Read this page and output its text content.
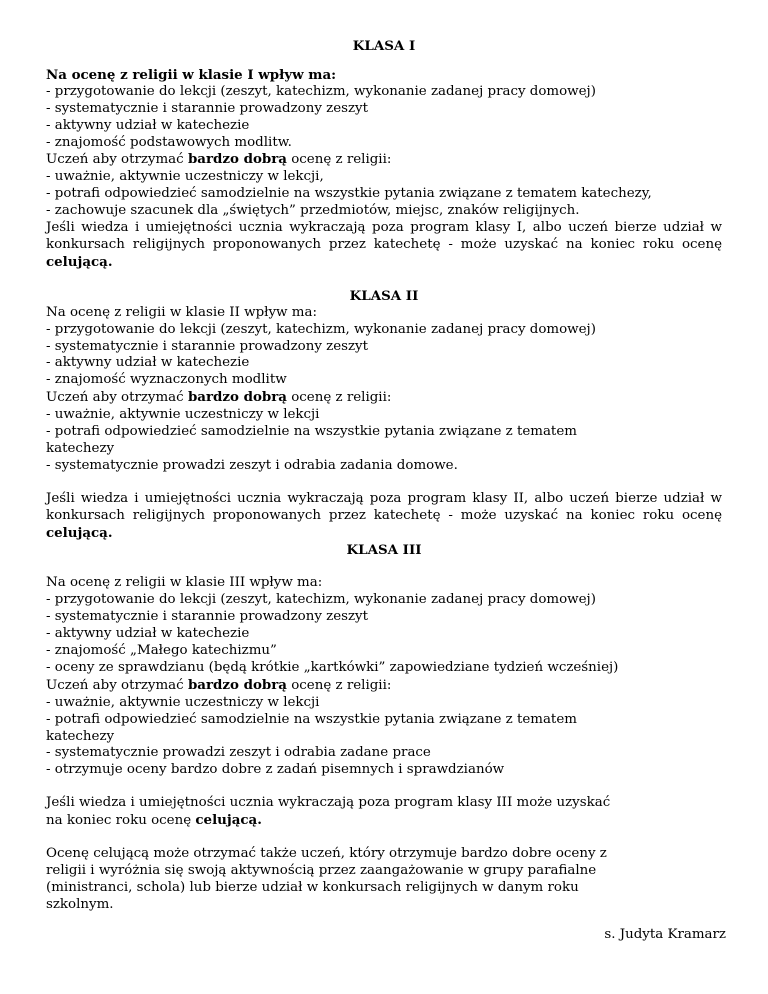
KLASA I
Na ocenę z religii w klasie I wpływ ma:
- przygotowanie do lekcji (zeszyt, katechizm, wykonanie zadanej pracy domowej)
- systematycznie i starannie prowadzony zeszyt
- aktywny udział w katechezie
- znajomość podstawowych modlitw.
Uczeń aby otrzymać bardzo dobrą ocenę z religii:
- uważnie, aktywnie uczestniczy w lekcji,
- potrafi odpowiedzieć samodzielnie na wszystkie pytania związane z tematem katechezy,
- zachowuje szacunek dla „świętych” przedmiotów, miejsc, znaków religijnych.
Jeśli wiedza i umiejętności ucznia wykraczają poza program klasy I, albo uczeń bierze udział w konkursach religijnych proponowanych przez katechetę - może uzyskać na koniec roku ocenę celującą.
KLASA II
Na ocenę z religii w klasie II wpływ ma:
- przygotowanie do lekcji (zeszyt, katechizm, wykonanie zadanej pracy domowej)
- systematycznie i starannie prowadzony zeszyt
- aktywny udział w katechezie
- znajomość wyznaczonych modlitw
Uczeń aby otrzymać bardzo dobrą ocenę z religii:
- uważnie, aktywnie uczestniczy w lekcji
- potrafi odpowiedzieć samodzielnie na wszystkie pytania związane z tematem
katechezy
- systematycznie prowadzi zeszyt i odrabia zadania domowe.
Jeśli wiedza i umiejętności ucznia wykraczają poza program klasy II, albo uczeń bierze udział w konkursach religijnych proponowanych przez katechetę - może uzyskać na koniec roku ocenę celującą.
KLASA III
Na ocenę z religii w klasie III wpływ ma:
- przygotowanie do lekcji (zeszyt, katechizm, wykonanie zadanej pracy domowej)
- systematycznie i starannie prowadzony zeszyt
- aktywny udział w katechezie
- znajomość „Małego katechizmu”
- oceny ze sprawdzianu (będą krótkie „kartkówki” zapowiedziane tydzień wcześniej)
Uczeń aby otrzymać bardzo dobrą ocenę z religii:
- uważnie, aktywnie uczestniczy w lekcji
- potrafi odpowiedzieć samodzielnie na wszystkie pytania związane z tematem
katechezy
- systematycznie prowadzi zeszyt i odrabia zadane prace
- otrzymuje oceny bardzo dobre z zadań pisemnych i sprawdzianów
Jeśli wiedza i umiejętności ucznia wykraczają poza program klasy III może uzyskać
na koniec roku ocenę celującą.
Ocenę celującą może otrzymać także uczeń, który otrzymuje bardzo dobre oceny z
religii i wyróżnia się swoją aktywnością przez zaangażowanie w grupy parafialne
(ministranci, schola) lub bierze udział w konkursach religijnych w danym roku
szkolnym.
s. Judyta Kramarz
